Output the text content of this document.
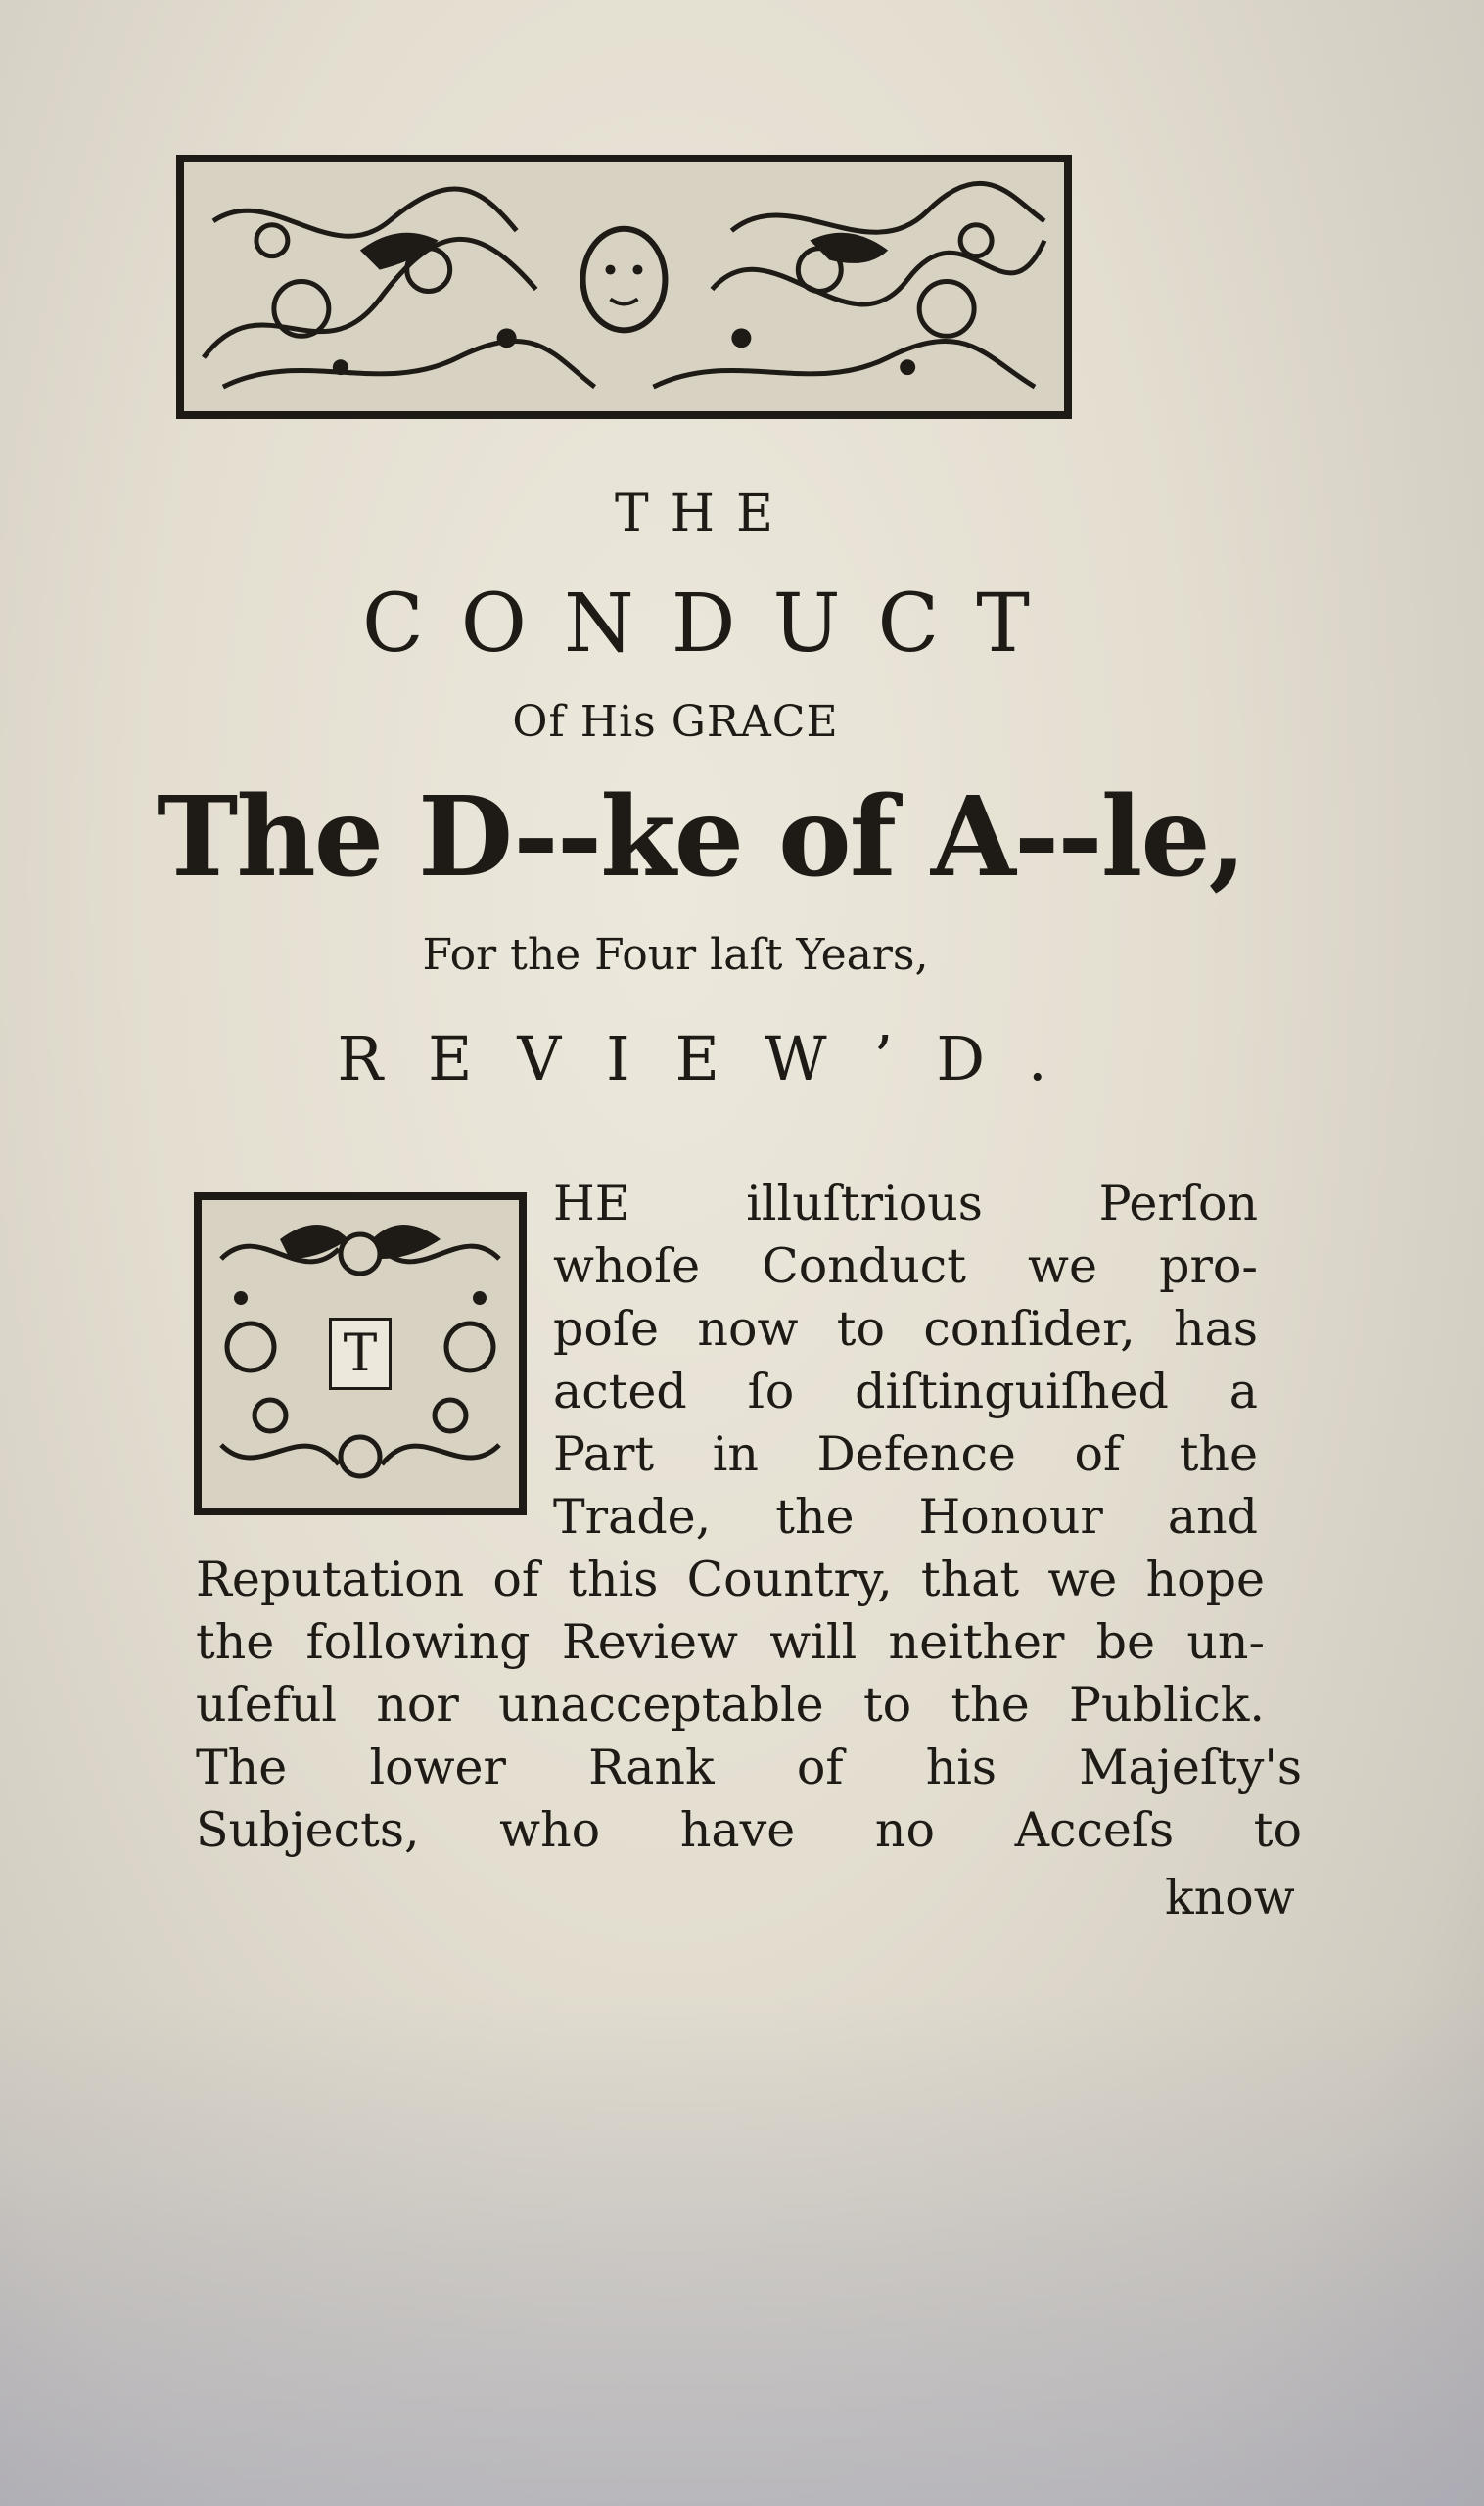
THE
CONDUCT
Of His GRACE
The D--ke of A--le,
For the Four laſt Years,
REVIEWʼD.
T
HE illuſtrious Perſon
whoſe Conduct we pro-
poſe now to conſider, has
acted ſo diſtinguiſhed a
Part in Defence of the
Trade, the Honour and
Reputation of this Country, that we hope
the following Review will neither be un-
uſeful nor unacceptable to the Publick.
The lower Rank of his Majeſty's
Subjects, who have no Acceſs to
know
